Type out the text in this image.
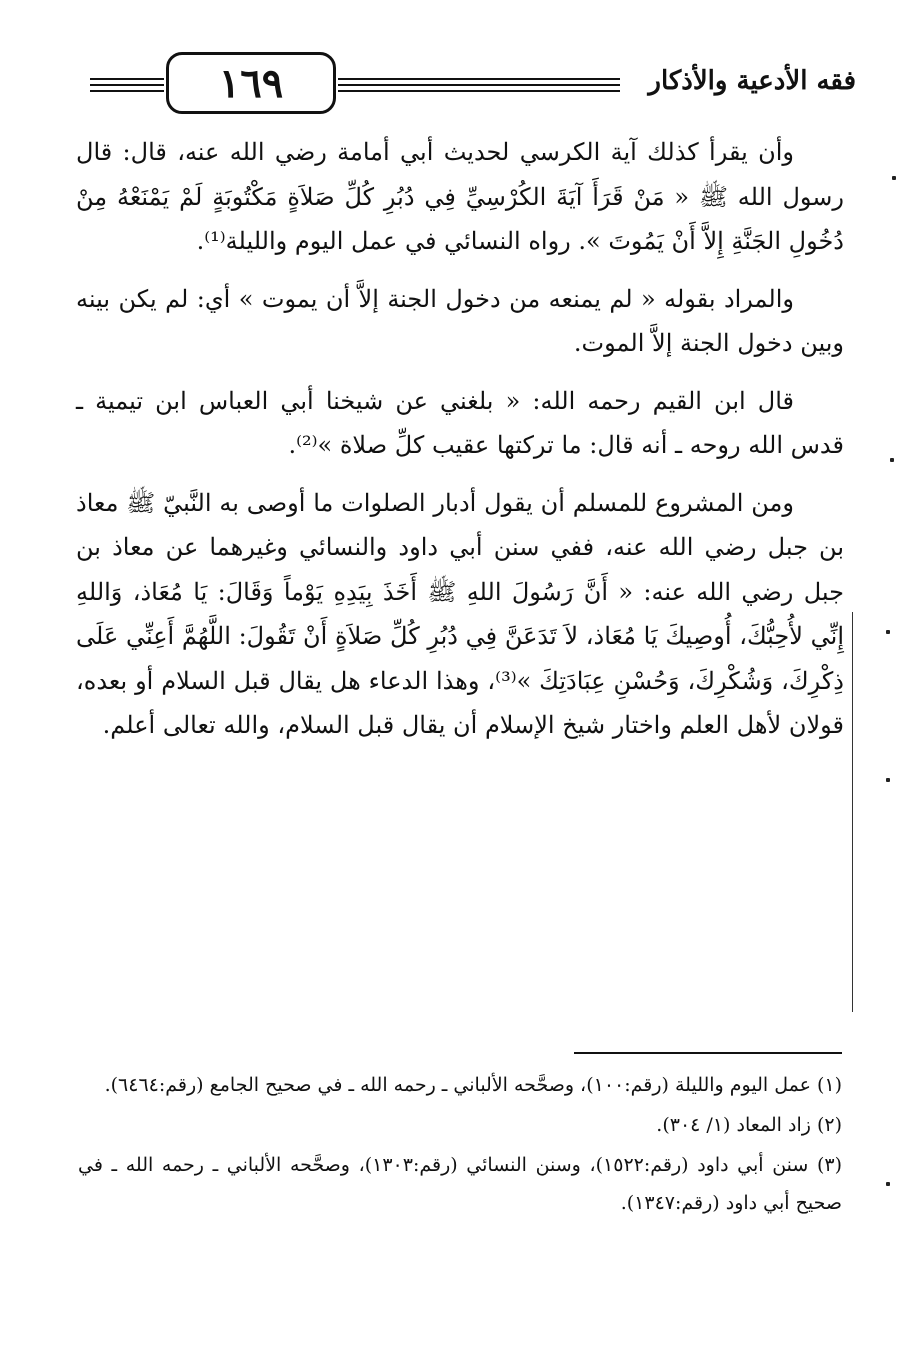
١٦٩	فقه الأدعية والأذكار

وأن يقرأ كذلك آية الكرسي لحديث أبي أمامة رضي الله عنه، قال: قال رسول الله ﷺ « مَنْ قَرَأَ آيَةَ الكُرْسِيِّ فِي دُبُرِ كُلِّ صَلاَةٍ مَكْتُوبَةٍ لَمْ يَمْنَعْهُ مِنْ دُخُولِ الجَنَّةِ إِلاَّ أَنْ يَمُوتَ ». رواه النسائي في عمل اليوم والليلة⁽¹⁾.

والمراد بقوله « لم يمنعه من دخول الجنة إلاَّ أن يموت » أي: لم يكن بينه وبين دخول الجنة إلاَّ الموت.

قال ابن القيم رحمه الله: « بلغني عن شيخنا أبي العباس ابن تيمية ـ قدس الله روحه ـ أنه قال: ما تركتها عقيب كلِّ صلاة »⁽²⁾.

ومن المشروع للمسلم أن يقول أدبار الصلوات ما أوصى به النَّبيّ ﷺ معاذ بن جبل رضي الله عنه، ففي سنن أبي داود والنسائي وغيرهما عن معاذ بن جبل رضي الله عنه: « أَنَّ رَسُولَ اللهِ ﷺ أَخَذَ بِيَدِهِ يَوْماً وَقَالَ: يَا مُعَاذ، وَاللهِ إِنِّي لأُحِبُّكَ، أُوصِيكَ يَا مُعَاذ، لاَ تَدَعَنَّ فِي دُبُرِ كُلِّ صَلاَةٍ أَنْ تَقُولَ: اللَّهُمَّ أَعِنِّي عَلَى ذِكْرِكَ، وَشُكْرِكَ، وَحُسْنِ عِبَادَتِكَ »⁽³⁾، وهذا الدعاء هل يقال قبل السلام أو بعده، قولان لأهل العلم واختار شيخ الإسلام أن يقال قبل السلام، والله تعالى أعلم.

(١) عمل اليوم والليلة (رقم:١٠٠)، وصحَّحه الألباني ـ رحمه الله ـ في صحيح الجامع (رقم:٦٤٦٤).

(٢) زاد المعاد (١/ ٣٠٤).

(٣) سنن أبي داود (رقم:١٥٢٢)، وسنن النسائي (رقم:١٣٠٣)، وصحَّحه الألباني ـ رحمه الله ـ في صحيح أبي داود (رقم:١٣٤٧).
